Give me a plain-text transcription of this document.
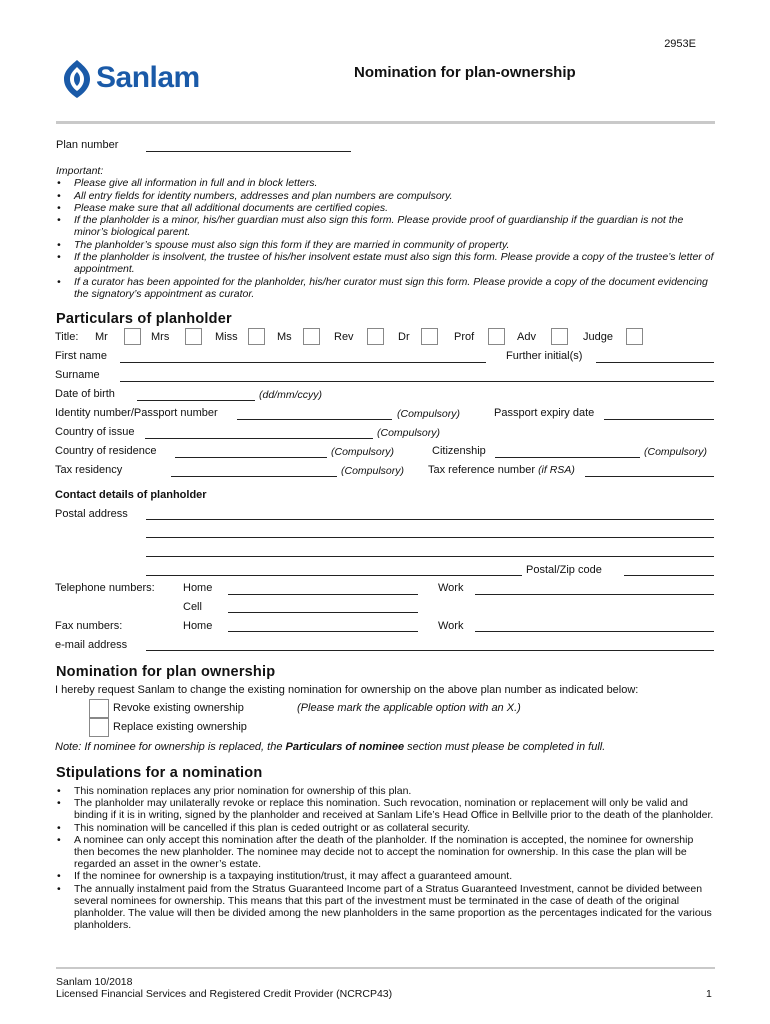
2953E
Sanlam	Nomination for plan-ownership
Plan number
Important:
• Please give all information in full and in block letters.
• All entry fields for identity numbers, addresses and plan numbers are compulsory.
• Please make sure that all additional documents are certified copies.
• If the planholder is a minor, his/her guardian must also sign this form. Please provide proof of guardianship if the guardian is not the minor’s biological parent.
• The planholder’s spouse must also sign this form if they are married in community of property.
• If the planholder is insolvent, the trustee of his/her insolvent estate must also sign this form. Please provide a copy of the trustee’s letter of appointment.
• If a curator has been appointed for the planholder, his/her curator must sign this form. Please provide a copy of the document evidencing the signatory’s appointment as curator.
Particulars of planholder
Title: Mr	Mrs	Miss	Ms	Rev	Dr	Prof	Adv	Judge
First name	Further initial(s)
Surname
Date of birth	(dd/mm/ccyy)
Identity number/Passport number	(Compulsory)	Passport expiry date
Country of issue	(Compulsory)
Country of residence	(Compulsory)	Citizenship	(Compulsory)
Tax residency	(Compulsory) Tax reference number (if RSA)
Contact details of planholder
Postal address
Postal/Zip code
Telephone numbers:	Home	Work
Cell
Fax numbers:	Home	Work
e-mail address
Nomination for plan ownership
I hereby request Sanlam to change the existing nomination for ownership on the above plan number as indicated below:
Revoke existing ownership	(Please mark the applicable option with an X.)
Replace existing ownership
Note: If nominee for ownership is replaced, the Particulars of nominee section must please be completed in full.
Stipulations for a nomination
• This nomination replaces any prior nomination for ownership of this plan.
• The planholder may unilaterally revoke or replace this nomination. Such revocation, nomination or replacement will only be valid and binding if it is in writing, signed by the planholder and received at Sanlam Life’s Head Office in Bellville prior to the death of the planholder.
• This nomination will be cancelled if this plan is ceded outright or as collateral security.
• A nominee can only accept this nomination after the death of the planholder. If the nomination is accepted, the nominee for ownership then becomes the new planholder. The nominee may decide not to accept the nomination for ownership. In this case the plan will be regarded an asset in the owner’s estate.
• If the nominee for ownership is a taxpaying institution/trust, it may affect a guaranteed amount.
• The annually instalment paid from the Stratus Guaranteed Income part of a Stratus Guaranteed Investment, cannot be divided between several nominees for ownership. This means that this part of the investment must be terminated in the case of death of the original planholder. The value will then be divided among the new planholders in the same proportion as the percentages indicated for the various planholders.
Sanlam 10/2018
Licensed Financial Services and Registered Credit Provider (NCRCP43)	1
